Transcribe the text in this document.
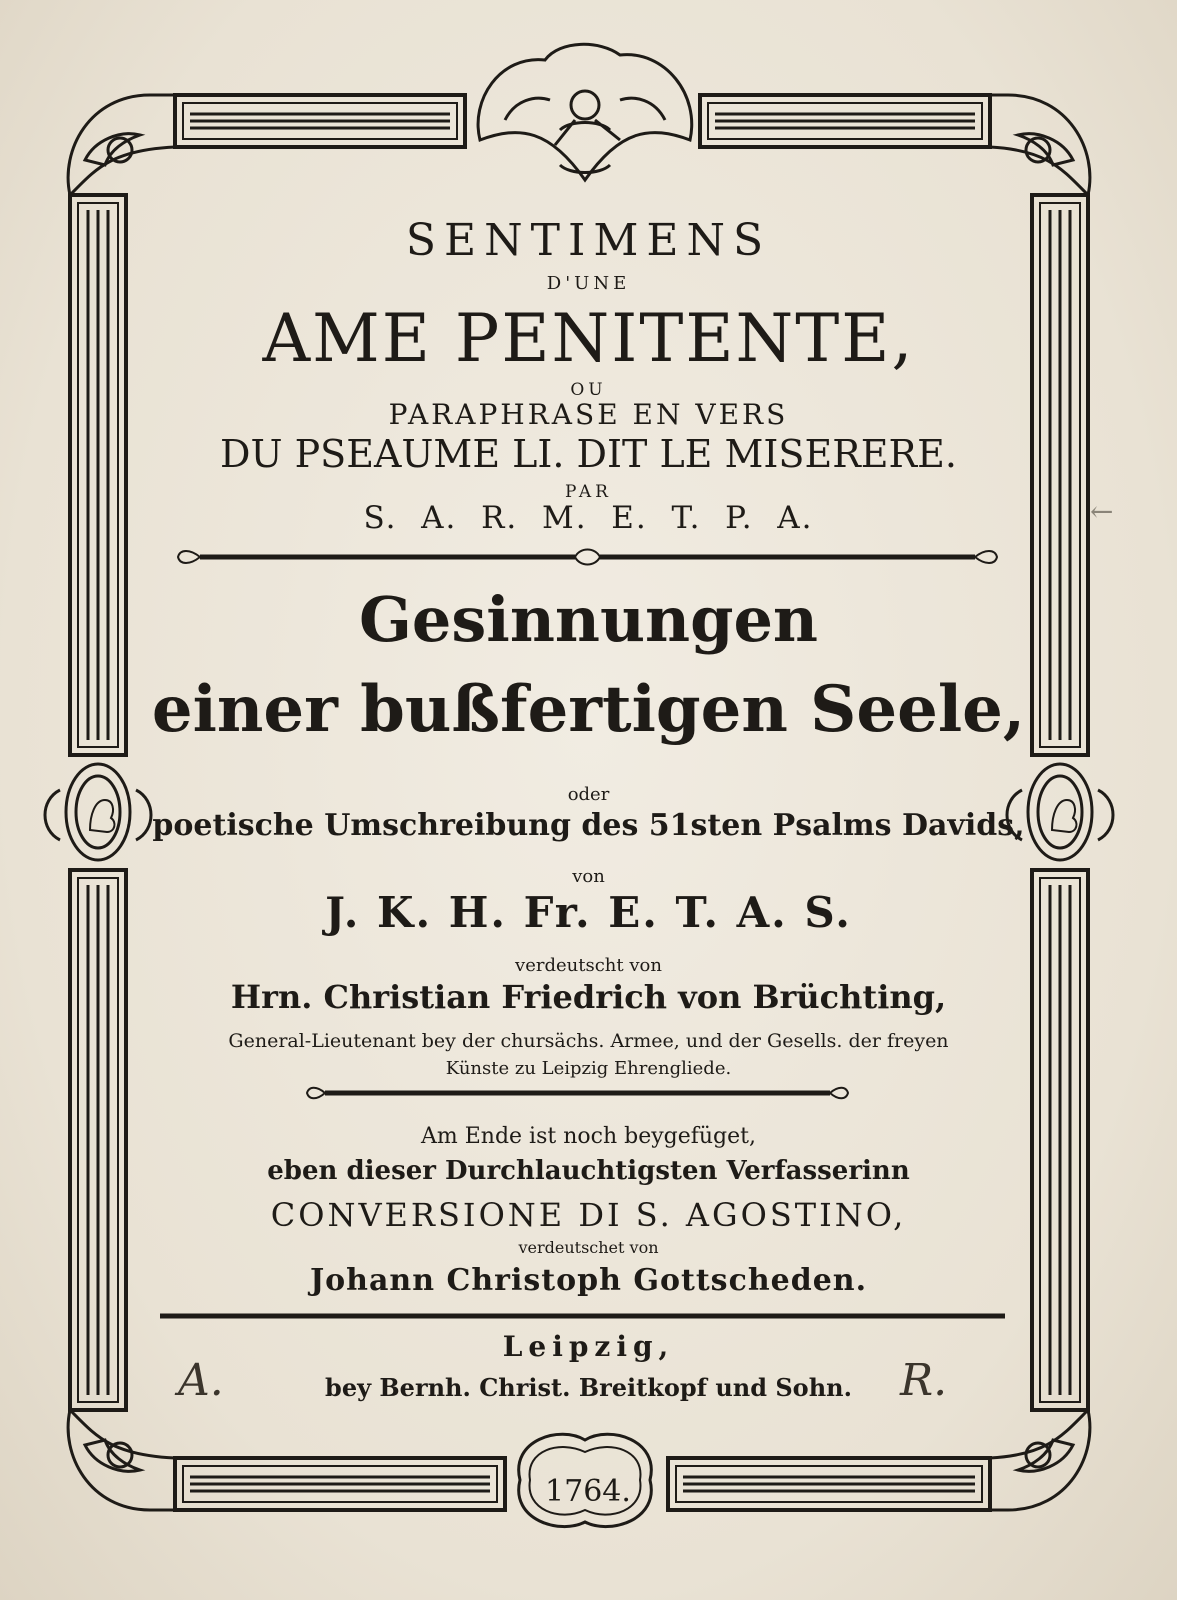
SENTIMENS
D'UNE
AME PENITENTE,
OU
PARAPHRASE EN VERS
DU PSEAUME LI. DIT LE MISERERE.
PAR
S.  A.  R.  M.  E.  T.  P.  A.
Gesinnungen
einer bußfertigen Seele,
oder
poetische Umschreibung des 51sten Psalms Davids,
von
J. K. H. Fr. E. T. A. S.
verdeutscht von
Hrn. Christian Friedrich von Brüchting,
General-Lieutenant bey der chursächs. Armee, und der Gesells. der freyen
Künste zu Leipzig Ehrengliede.
Am Ende ist noch beygefüget,
eben dieser Durchlauchtigsten Verfasserinn
CONVERSIONE DI S. AGOSTINO,
verdeutschet von
Johann Christoph Gottscheden.
Leipzig,
bey Bernh. Christ. Breitkopf und Sohn.
1764.
A.	R.
←
